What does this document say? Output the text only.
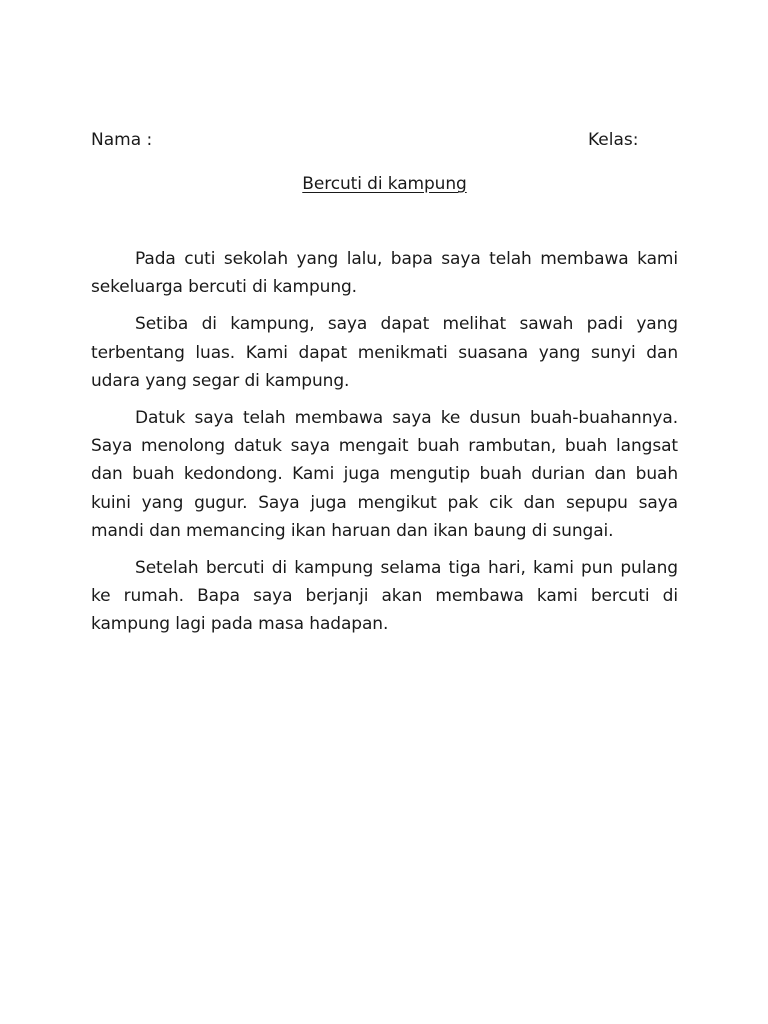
Nama :	Kelas:
Bercuti di kampung

Pada cuti sekolah yang lalu, bapa saya telah membawa kami sekeluarga bercuti di kampung.

Setiba di kampung, saya dapat melihat sawah padi yang terbentang luas. Kami dapat menikmati suasana yang sunyi dan udara yang segar di kampung.

Datuk saya telah membawa saya ke dusun buah-buahannya. Saya menolong datuk saya mengait buah rambutan, buah langsat dan buah kedondong. Kami juga mengutip buah durian dan buah kuini yang gugur. Saya juga mengikut pak cik dan sepupu saya mandi dan memancing ikan haruan dan ikan baung di sungai.

Setelah bercuti di kampung selama tiga hari, kami pun pulang ke rumah. Bapa saya berjanji akan membawa kami bercuti di kampung lagi pada masa hadapan.
